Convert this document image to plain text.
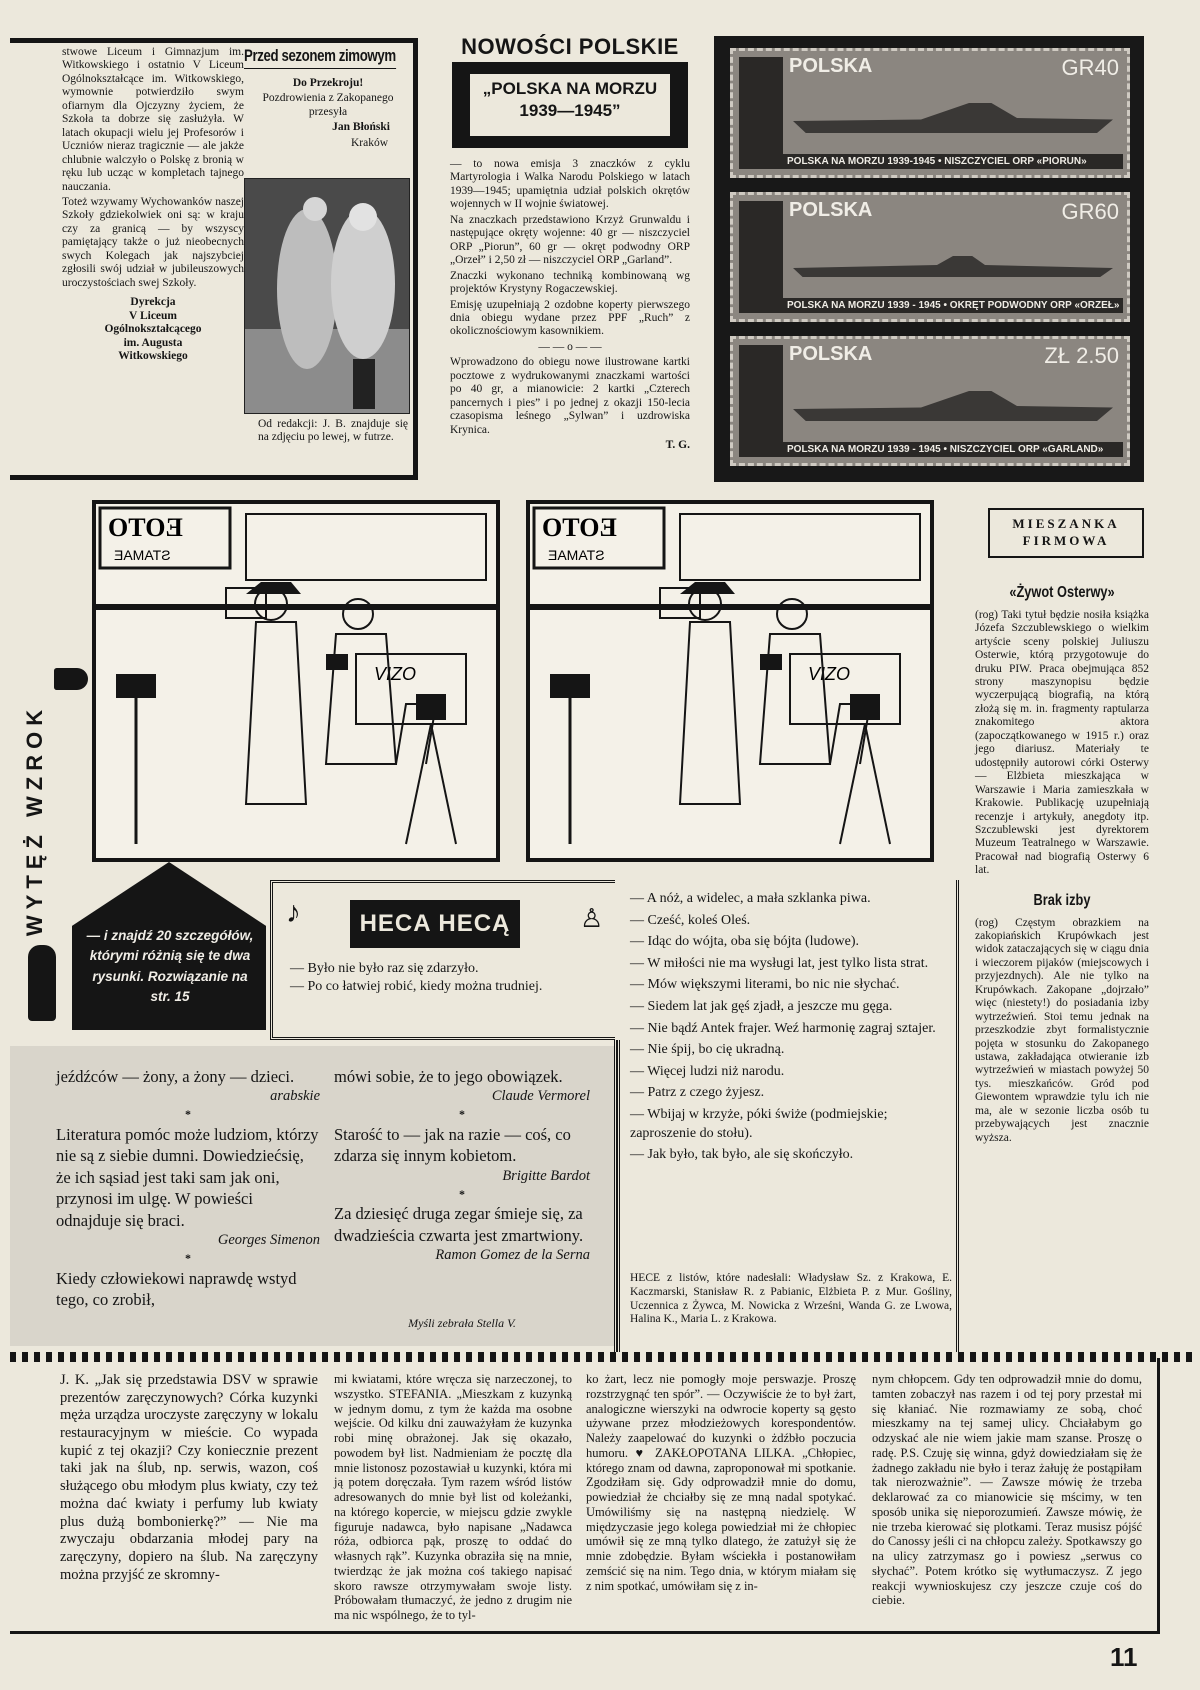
stwowe Liceum i Gimnazjum im. Witkowskiego i ostatnio V Liceum Ogólnokształcące im. Witkowskiego, wymownie potwierdziło swym ofiarnym dla Ojczyzny życiem, że Szkoła ta dobrze się zasłużyła. W latach okupacji wielu jej Profesorów i Uczniów nieraz tragicznie — ale jakże chlubnie walczyło o Polskę z bronią w ręku lub ucząc w kompletach tajnego nauczania.

Toteż wzywamy Wychowanków naszej Szkoły gdziekolwiek oni są: w kraju czy za granicą — by wszyscy pamiętający także o już nieobecnych swych Kolegach jak najszybciej zgłosili swój udział w jubileuszowych uroczystościach swej Szkoły.

Dyrekcja
V Liceum
Ogólnokształcącego
im. Augusta
Witkowskiego
Przed sezonem zimowym

Do Przekroju!

Pozdrowienia z Zakopanego przesyła

Jan Błoński

Kraków

Od redakcji: J. B. znajduje się na zdjęciu po lewej, w futrze.
NOWOŚCI POLSKIE
„POLSKA NA MORZU
1939—1945”

— to nowa emisja 3 znaczków z cyklu Martyrologia i Walka Narodu Polskiego w latach 1939—1945; upamiętnia udział polskich okrętów wojennych w II wojnie światowej.

Na znaczkach przedstawiono Krzyż Grunwaldu i następujące okręty wojenne: 40 gr — niszczyciel ORP „Piorun”, 60 gr — okręt podwodny ORP „Orzeł” i 2,50 zł — niszczyciel ORP „Garland”.

Znaczki wykonano techniką kombinowaną wg projektów Krystyny Rogaczewskiej.

Emisję uzupełniają 2 ozdobne koperty pierwszego dnia obiegu wydane przez PPF „Ruch” z okolicznościowym kasownikiem.

— — o — —

Wprowadzono do obiegu nowe ilustrowane kartki pocztowe z wydrukowanymi znaczkami wartości po 40 gr, a mianowicie: 2 kartki „Czterech pancernych i pies” i po jednej z okazji 150-lecia czasopisma leśnego „Sylwan” i uzdrowiska Krynica.

T. G.

POLSKA	GR40
POLSKA NA MORZU 1939-1945 • NISZCZYCIEL ORP «PIORUN»
POLSKA	GR60
POLSKA NA MORZU 1939 - 1945 • OKRĘT PODWODNY ORP «ORZEŁ»
POLSKA	ZŁ 2.50
POLSKA NA MORZU 1939 - 1945 • NISZCZYCIEL ORP «GARLAND»
ОТОƎ
ƎAMATƧ
VIZO
ОТОƎ
ƎAMATƧ
VIZO
WYTĘŻ WZROK	— i znajdź 20 szczegółów, którymi różnią się te dwa rysunki. Rozwiązanie na str. 15
MIESZANKA
FIRMOWA
«Żywot Osterwy»

(rog) Taki tytuł będzie nosiła książka Józefa Szczublewskiego o wielkim artyście sceny polskiej Juliuszu Osterwie, którą przygotowuje do druku PIW. Praca obejmująca 852 strony maszynopisu będzie wyczerpującą biografią, na którą złożą się m. in. fragmenty raptularza znakomitego aktora (zapoczątkowanego w 1915 r.) oraz jego diariusz. Materiały te udostępniły autorowi córki Osterwy — Elżbieta mieszkająca w Warszawie i Maria zamieszkała w Krakowie. Publikację uzupełniają recenzje i artykuły, anegdoty itp. Szczublewski jest dyrektorem Muzeum Teatralnego w Warszawie. Pracował nad biografią Osterwy 6 lat.

Brak izby

(rog) Częstym obrazkiem na zakopiańskich Krupówkach jest widok zataczających się w ciągu dnia i wieczorem pijaków (miejscowych i przyjezdnych). Ale nie tylko na Krupówkach. Zakopane „dojrzało” więc (niestety!) do posiadania izby wytrzeźwień. Stoi temu jednak na przeszkodzie zbyt formalistycznie pojęta w stosunku do Zakopanego ustawa, zakładająca otwieranie izb wytrzeźwień w miastach powyżej 50 tys. mieszkańców. Gród pod Giewontem wprawdzie tylu ich nie ma, ale w sezonie liczba osób tu przebywających jest znacznie wyższa.

♪	♙
HECA HECĄ

— Było nie było raz się zdarzyło.

— Po co łatwiej robić, kiedy można trudniej.

— A nóż, a widelec, a mała szklanka piwa.

— Cześć, koleś Oleś.

— Idąc do wójta, oba się bójta (ludowe).

— W miłości nie ma wysługi lat, jest tylko lista strat.

— Mów większymi literami, bo nic nie słychać.

— Siedem lat jak gęś zjadł, a jeszcze mu gęga.

— Nie bądź Antek frajer. Weź harmonię zagraj sztajer.

— Nie śpij, bo cię ukradną.

— Więcej ludzi niż narodu.

— Patrz z czego żyjesz.

— Wbijaj w krzyże, póki świże (podmiejskie; zaproszenie do stołu).

— Jak było, tak było, ale się skończyło.

HECE z listów, które nadesłali: Władysław Sz. z Krakowa, E. Kaczmarski, Stanisław R. z Pabianic, Elżbieta P. z Mur. Gośliny, Uczennica z Żywca, M. Nowicka z Wrześni, Wanda G. ze Lwowa, Halina K., Maria L. z Krakowa.
jeźdźców — żony, a żony — dzieci.
arabskie
*
Literatura pomóc może ludziom, którzy nie są z siebie dumni. Dowiedziećsię, że ich sąsiad jest taki sam jak oni, przynosi im ulgę. W powieści odnajduje się braci.
Georges Simenon
*
Kiedy człowiekowi naprawdę wstyd tego, co zrobił,
mówi sobie, że to jego obowiązek.
Claude Vermorel
*
Starość to — jak na razie — coś, co zdarza się innym kobietom.
Brigitte Bardot
*
Za dziesięć druga zegar śmieje się, za dwadzieścia czwarta jest zmartwiony.
Ramon Gomez de la Serna
Myśli zebrała Stella V.
J. K. „Jak się przedstawia DSV w sprawie prezentów zaręczynowych? Córka kuzynki męża urządza uroczyste zaręczyny w lokalu restauracyjnym w mieście. Co wypada kupić z tej okazji? Czy koniecznie prezent taki jak na ślub, np. serwis, wazon, coś służącego obu młodym plus kwiaty, czy też można dać kwiaty i perfumy lub kwiaty plus dużą bombonierkę?” — Nie ma zwyczaju obdarzania młodej pary na zaręczyny, dopiero na ślub. Na zaręczyny można przyjść ze skromny-
mi kwiatami, które wręcza się narzeczonej, to wszystko. STEFANIA. „Mieszkam z kuzynką w jednym domu, z tym że każda ma osobne wejście. Od kilku dni zauważyłam że kuzynka robi minę obrażonej. Jak się okazało, powodem był list. Nadmieniam że pocztę dla mnie listonosz pozostawiał u kuzynki, która mi ją potem doręczała. Tym razem wśród listów adresowanych do mnie był list od koleżanki, na którego kopercie, w miejscu gdzie zwykle figuruje nadawca, było napisane „Nadawca róża, odbiorca pąk, proszę to oddać do własnych rąk”. Kuzynka obraziła się na mnie, twierdząc że jak można coś takiego napisać skoro rawsze otrzymywałam swoje listy. Próbowałam tłumaczyć, że jedno z drugim nie ma nic wspólnego, że to tyl-
ko żart, lecz nie pomogły moje perswazje. Proszę rozstrzygnąć ten spór”. — Oczywiście że to był żart, analogiczne wierszyki na odwrocie koperty są gęsto używane przez młodzieżowych korespondentów. Należy zaapelować do kuzynki o żdźbło poczucia humoru. ♥ ZAKŁOPOTANA LILKA. „Chłopiec, którego znam od dawna, zaproponował mi spotkanie. Zgodziłam się. Gdy odprowadził mnie do domu, powiedział że chciałby się ze mną nadal spotykać. Umówiliśmy się na następną niedzielę. W międzyczasie jego kolega powiedział mi że chłopiec umówił się ze mną tylko dlatego, że zatużył się że mnie zdobędzie. Byłam wściekła i postanowiłam zemścić się na nim. Tego dnia, w którym miałam się z nim spotkać, umówiłam się z in-
nym chłopcem. Gdy ten odprowadził mnie do domu, tamten zobaczył nas razem i od tej pory przestał mi się kłaniać. Nie rozmawiamy ze sobą, choć mieszkamy na tej samej ulicy. Chciałabym go odzyskać ale nie wiem jakie mam szanse. Proszę o radę. P.S. Czuję się winna, gdyż dowiedziałam się że żadnego zakładu nie było i teraz żałuję że postąpiłam tak nierozważnie”. — Zawsze mówię że trzeba deklarować za co mianowicie się mścimy, w ten sposób unika się nieporozumień. Zawsze mówię, że nie trzeba kierować się plotkami. Teraz musisz pójść do Canossy jeśli ci na chłopcu zależy. Spotkawszy go na ulicy zatrzymasz go i powiesz „serwus co słychać”. Potem krótko się wytłumaczysz. Z jego reakcji wywnioskujesz czy jeszcze czuje coś do ciebie.
11
